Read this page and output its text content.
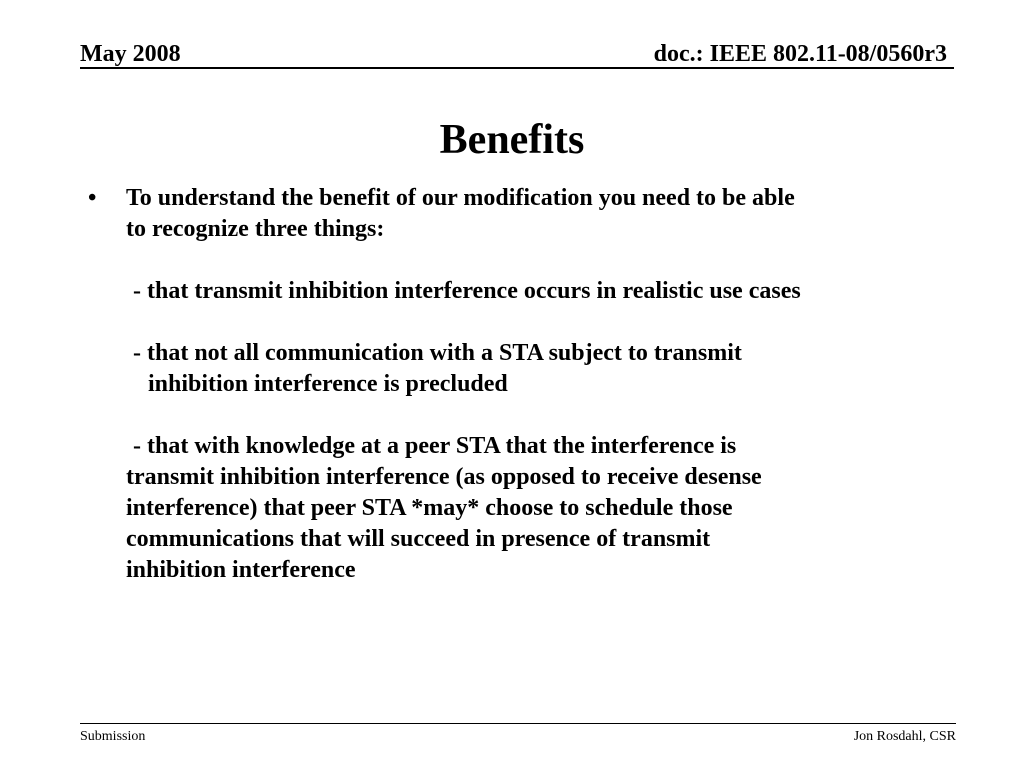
May 2008	doc.: IEEE 802.11-08/0560r3
Benefits
• To understand the benefit of our modification you need to be able
to recognize three things:
- that transmit inhibition interference occurs in realistic use cases
- that not all communication with a STA subject to transmit
inhibition interference is precluded
- that with knowledge at a peer STA that the interference is
transmit inhibition interference (as opposed to receive desense
interference) that peer STA *may* choose to schedule those
communications that will succeed in presence of transmit
inhibition interference
Submission	Jon Rosdahl, CSR
